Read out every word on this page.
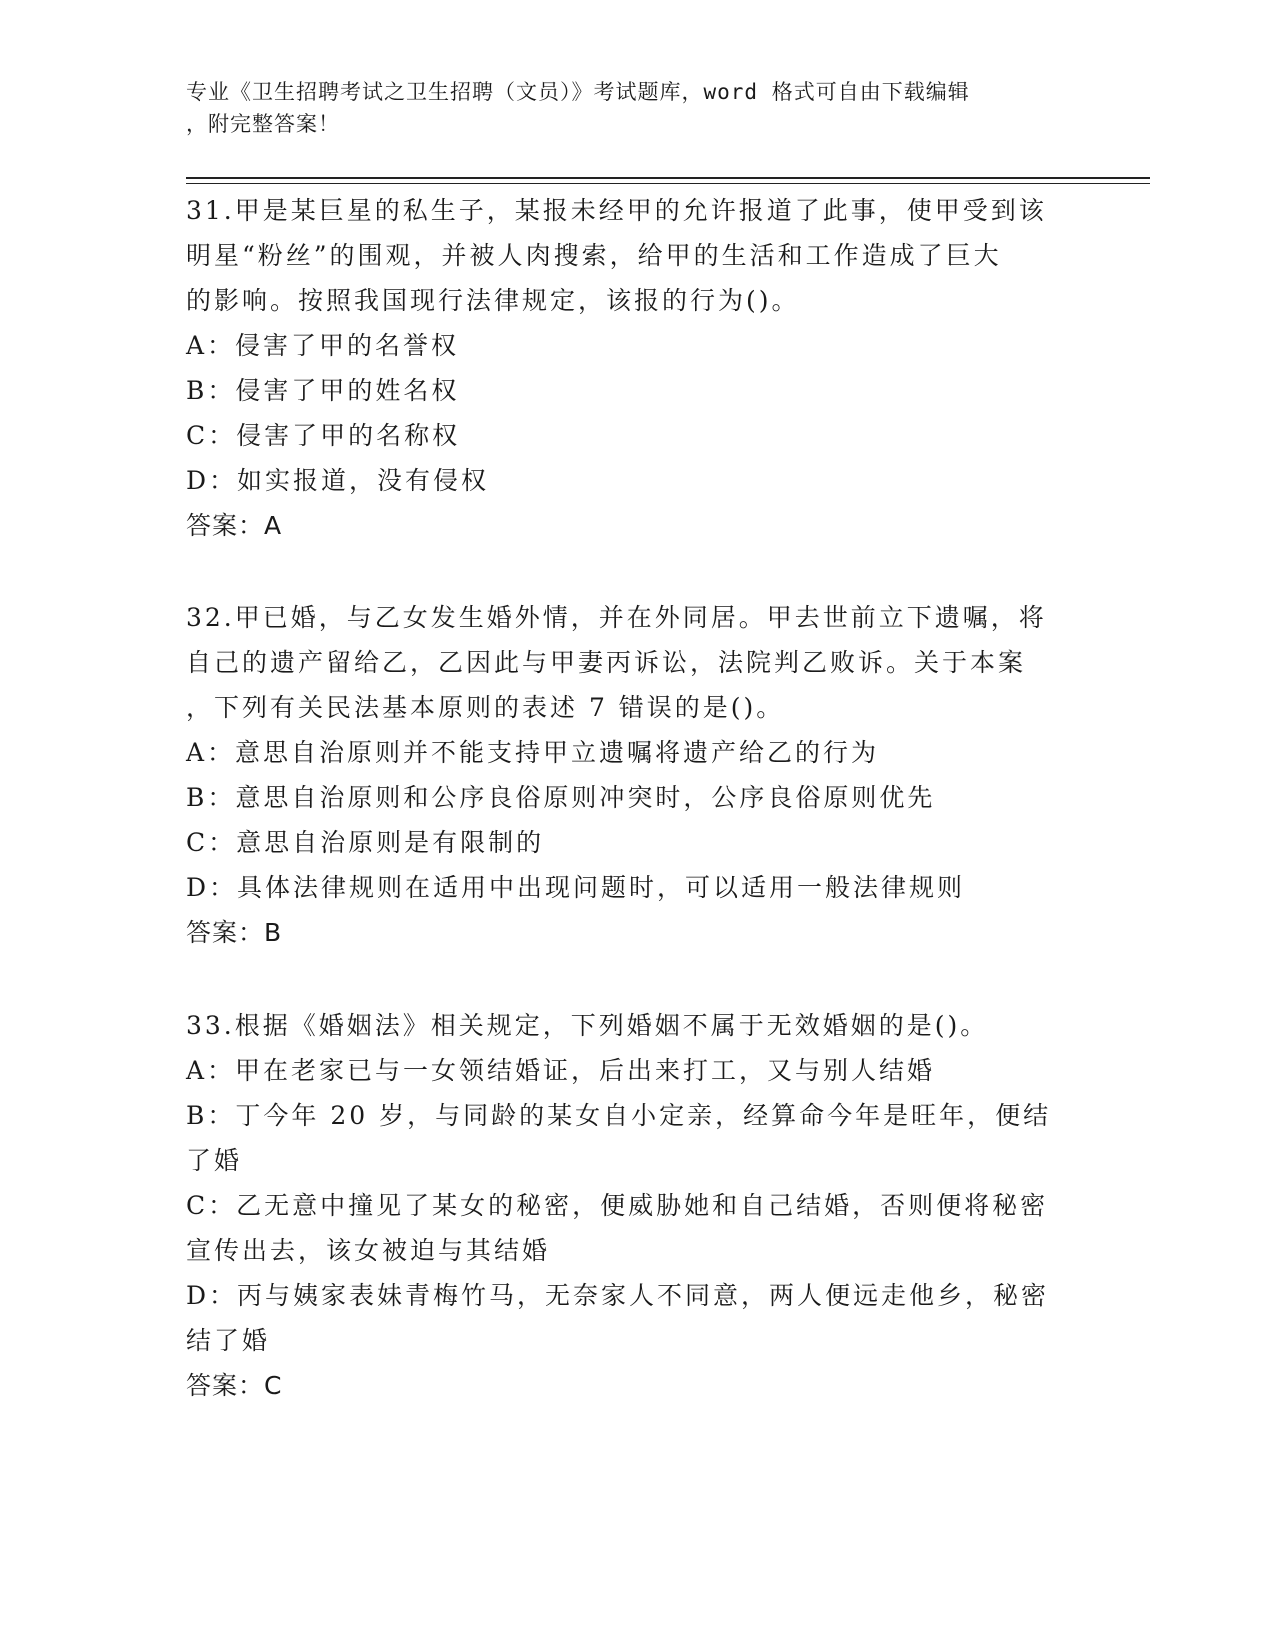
专业《卫生招聘考试之卫生招聘（文员）》考试题库，word 格式可自由下载编辑
，附完整答案！
31.甲是某巨星的私生子，某报未经甲的允许报道了此事，使甲受到该
明星“粉丝”的围观，并被人肉搜索，给甲的生活和工作造成了巨大
的影响。按照我国现行法律规定，该报的行为()。
A：侵害了甲的名誉权
B：侵害了甲的姓名权
C：侵害了甲的名称权
D：如实报道，没有侵权
答案：A
32.甲已婚，与乙女发生婚外情，并在外同居。甲去世前立下遗嘱，将
自己的遗产留给乙，乙因此与甲妻丙诉讼，法院判乙败诉。关于本案
，下列有关民法基本原则的表述 7 错误的是()。
A：意思自治原则并不能支持甲立遗嘱将遗产给乙的行为
B：意思自治原则和公序良俗原则冲突时，公序良俗原则优先
C：意思自治原则是有限制的
D：具体法律规则在适用中出现问题时，可以适用一般法律规则
答案：B
33.根据《婚姻法》相关规定，下列婚姻不属于无效婚姻的是()。
A：甲在老家已与一女领结婚证，后出来打工，又与别人结婚
B：丁今年 20 岁，与同龄的某女自小定亲，经算命今年是旺年，便结
了婚
C：乙无意中撞见了某女的秘密，便威胁她和自己结婚，否则便将秘密
宣传出去，该女被迫与其结婚
D：丙与姨家表妹青梅竹马，无奈家人不同意，两人便远走他乡，秘密
结了婚
答案：C
